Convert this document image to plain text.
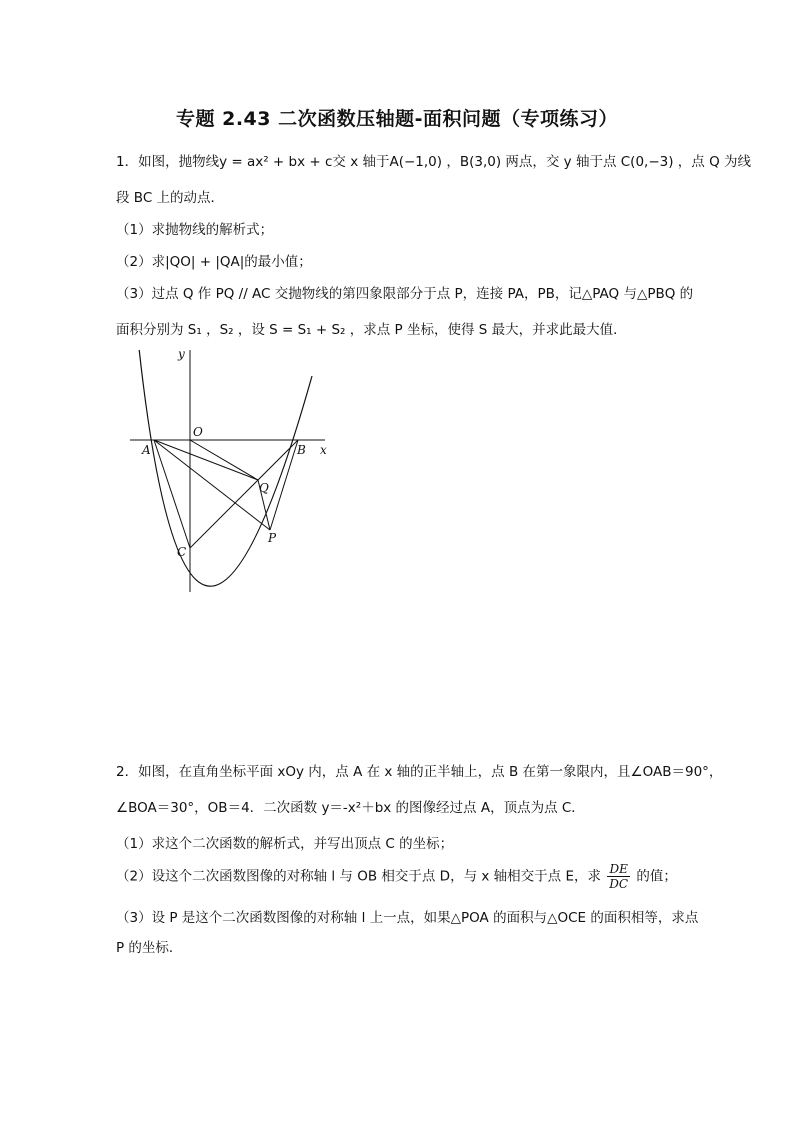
专题 2.43 二次函数压轴题-面积问题（专项练习）
1．如图，抛物线y = ax² + bx + c交 x 轴于A(−1,0) ，B(3,0) 两点，交 y 轴于点 C(0,−3) ，点 Q 为线
段 BC 上的动点．
（1）求抛物线的解析式；
（2）求|QO| + |QA|的最小值；
（3）过点 Q 作 PQ // AC 交抛物线的第四象限部分于点 P，连接 PA，PB，记△PAQ 与△PBQ 的
面积分别为 S₁ ，S₂ ，设 S = S₁ + S₂ ，求点 P 坐标，使得 S 最大，并求此最大值．
y
x
O
A	B
C
Q
P
2．如图，在直角坐标平面 xOy 内，点 A 在 x 轴的正半轴上，点 B 在第一象限内，且∠OAB＝90°，
∠BOA＝30°，OB＝4．二次函数 y＝-x²＋bx 的图像经过点 A，顶点为点 C．
（1）求这个二次函数的解析式，并写出顶点 C 的坐标；
（2）设这个二次函数图像的对称轴 l 与 OB 相交于点 D，与 x 轴相交于点 E，求 $\frac{DE}{DC}$ 的值；
（3）设 P 是这个二次函数图像的对称轴 l 上一点，如果△POA 的面积与△OCE 的面积相等，求点
P 的坐标．
